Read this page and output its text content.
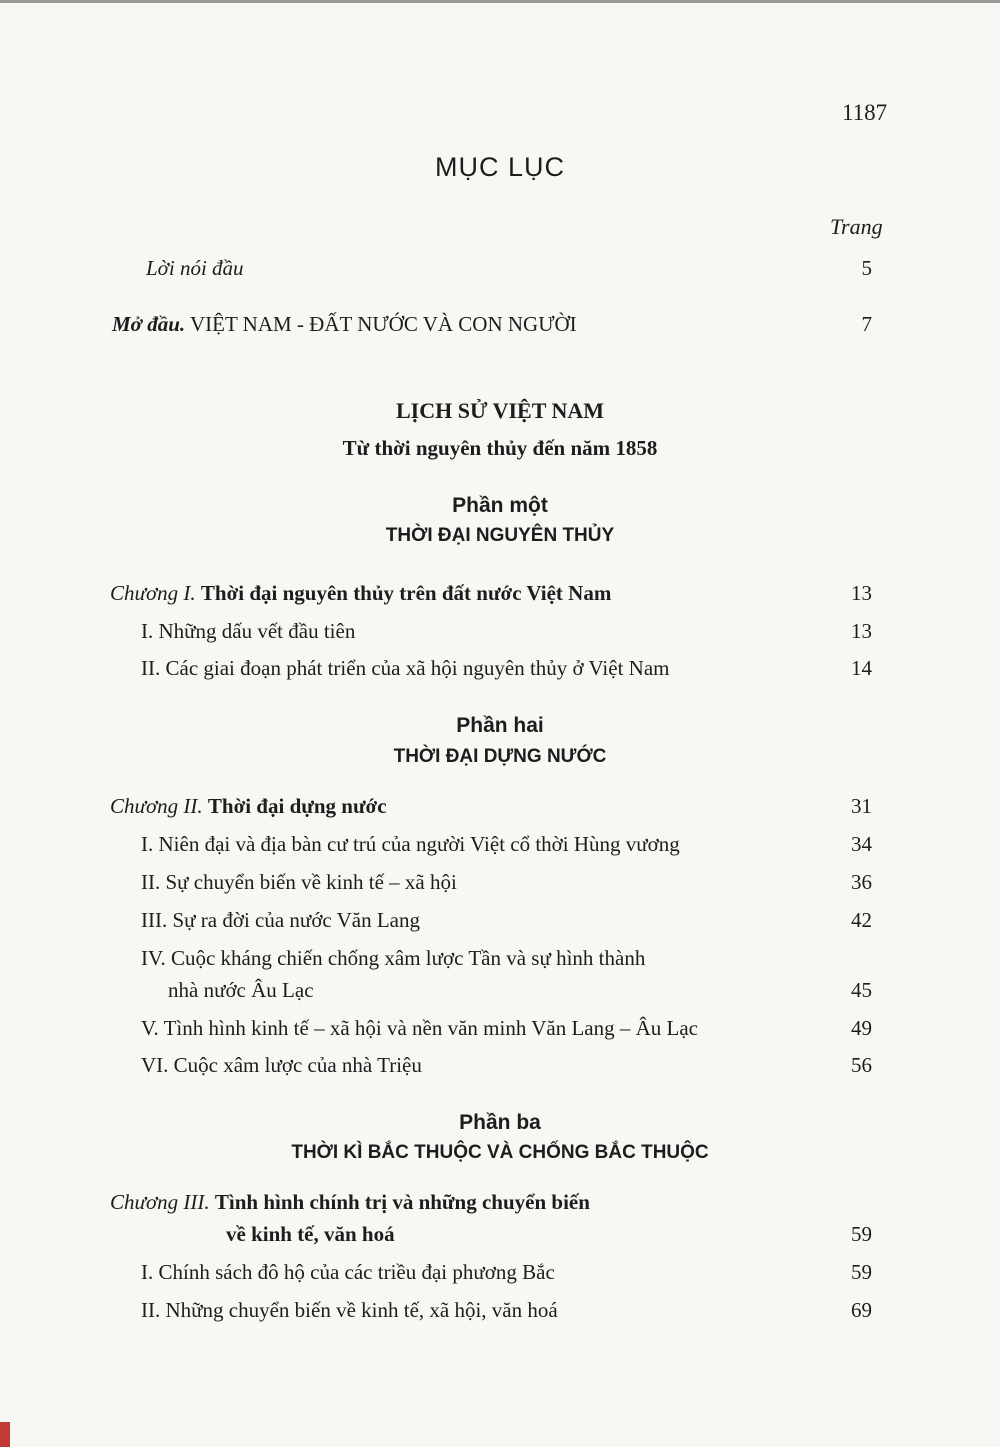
1187
MỤC LỤC
Trang
Lời nói đầu	5
Mở đầu. VIỆT NAM - ĐẤT NƯỚC VÀ CON NGƯỜI	7
LỊCH SỬ VIỆT NAM
Từ thời nguyên thủy đến năm 1858
Phần một
THỜI ĐẠI NGUYÊN THỦY
Chương I. Thời đại nguyên thủy trên đất nước Việt Nam	13
I. Những dấu vết đầu tiên	13
II. Các giai đoạn phát triển của xã hội nguyên thủy ở Việt Nam	14
Phần hai
THỜI ĐẠI DỰNG NƯỚC
Chương II. Thời đại dựng nước	31
I. Niên đại và địa bàn cư trú của người Việt cổ thời Hùng vương	34
II. Sự chuyển biến về kinh tế – xã hội	36
III. Sự ra đời của nước Văn Lang	42
IV. Cuộc kháng chiến chống xâm lược Tần và sự hình thành
nhà nước Âu Lạc	45
V. Tình hình kinh tế – xã hội và nền văn minh Văn Lang – Âu Lạc	49
VI. Cuộc xâm lược của nhà Triệu	56
Phần ba
THỜI KÌ BẮC THUỘC VÀ CHỐNG BẮC THUỘC
Chương III. Tình hình chính trị và những chuyển biến
về kinh tế, văn hoá	59
I. Chính sách đô hộ của các triều đại phương Bắc	59
II. Những chuyển biến về kinh tế, xã hội, văn hoá	69
